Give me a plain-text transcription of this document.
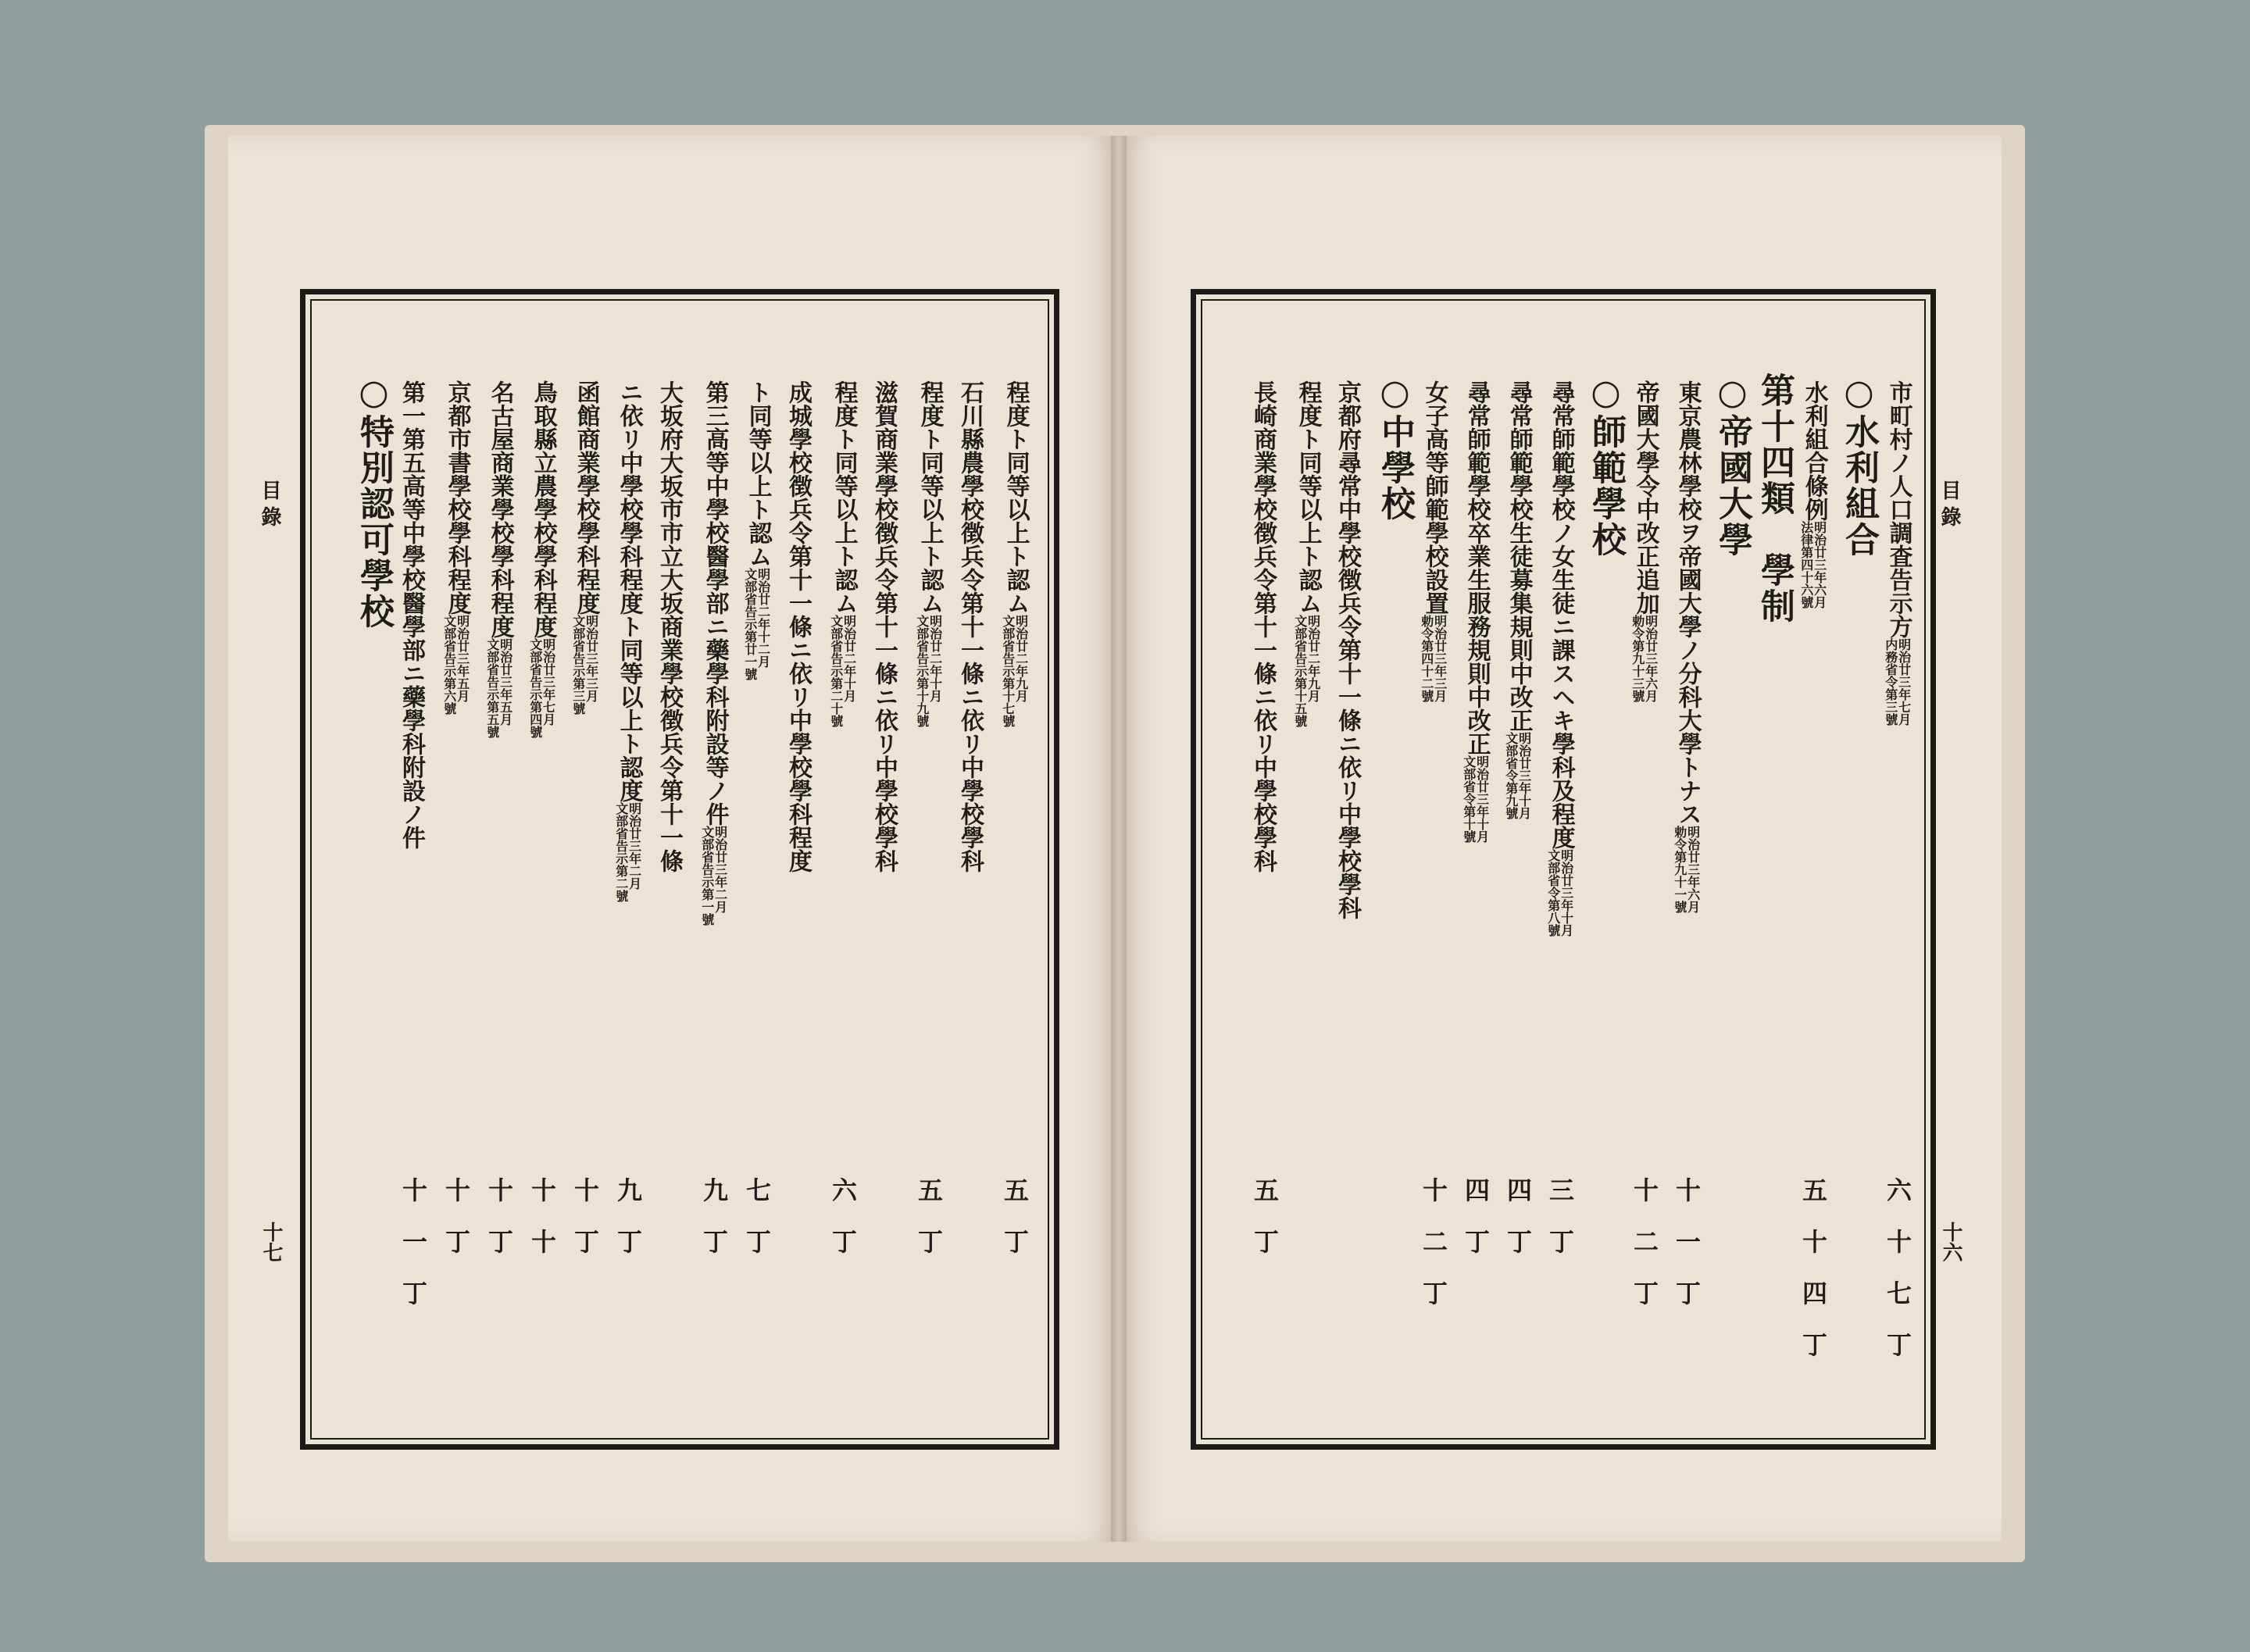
目錄
十七
程度ト同等以上ト認ム
明治廿二年九月
文部省告示第十七號
五丁
石川縣農學校徴兵令第十一條ニ依リ中學校學科
程度ト同等以上ト認ム
明治廿二年十月
文部省告示第十九號
五丁
滋賀商業學校徴兵令第十一條ニ依リ中學校學科
程度ト同等以上ト認ム
明治廿二年十月
文部省告示第二十號
六丁
成城學校徴兵令第十一條ニ依リ中學校學科程度
ト同等以上ト認ム
明治廿二年十二月
文部省告示第廿一號
七丁
第三高等中學校醫學部ニ藥學科附設等ノ件
明治廿三年二月
文部省告示第一號
九丁
大坂府大坂市市立大坂商業學校徴兵令第十一條
ニ依リ中學校學科程度ト同等以上ト認度
明治廿三年二月
文部省告示第二號
九丁
函館商業學校學科程度
明治廿三年三月
文部省告示第三號
十丁
鳥取縣立農學校學科程度
明治廿三年七月
文部省告示第四號
十十
名古屋商業學校學科程度
明治廿三年五月
文部省告示第五號
十丁
京都市書學校學科程度
明治廿三年五月
文部省告示第六號
十丁
第一第五高等中學校醫學部ニ藥學科附設ノ件
十一丁
○特別認可學校	目錄
十六
市町村ノ人口調査告示方
明治廿三年七月
内務省令第三號
六十七丁
○水利組合
水利組合條例
明治廿三年六月
法律第四十六號
五十四丁
第十四類　學制
○帝國大學
東京農林學校ヲ帝國大學ノ分科大學トナス
明治廿三年六月
勅令第九十一號
十一丁
帝國大學令中改正追加
明治廿三年六月
勅令第九十三號
十二丁
○師範學校
尋常師範學校ノ女生徒ニ課スヘキ學科及程度
明治廿三年十月
文部省令第八號
三丁
尋常師範學校生徒募集規則中改正
明治廿三年十月
文部省令第九號
四丁
尋常師範學校卒業生服務規則中改正
明治廿三年十月
文部省令第十號
四丁
女子高等師範學校設置
明治廿三年三月
勅令第四十二號
十二丁
○中學校
京都府尋常中學校徴兵令第十一條ニ依リ中學校學科
程度ト同等以上ト認ム
明治廿二年九月
文部省告示第十五號
長崎商業學校徴兵令第十一條ニ依リ中學校學科
五丁
